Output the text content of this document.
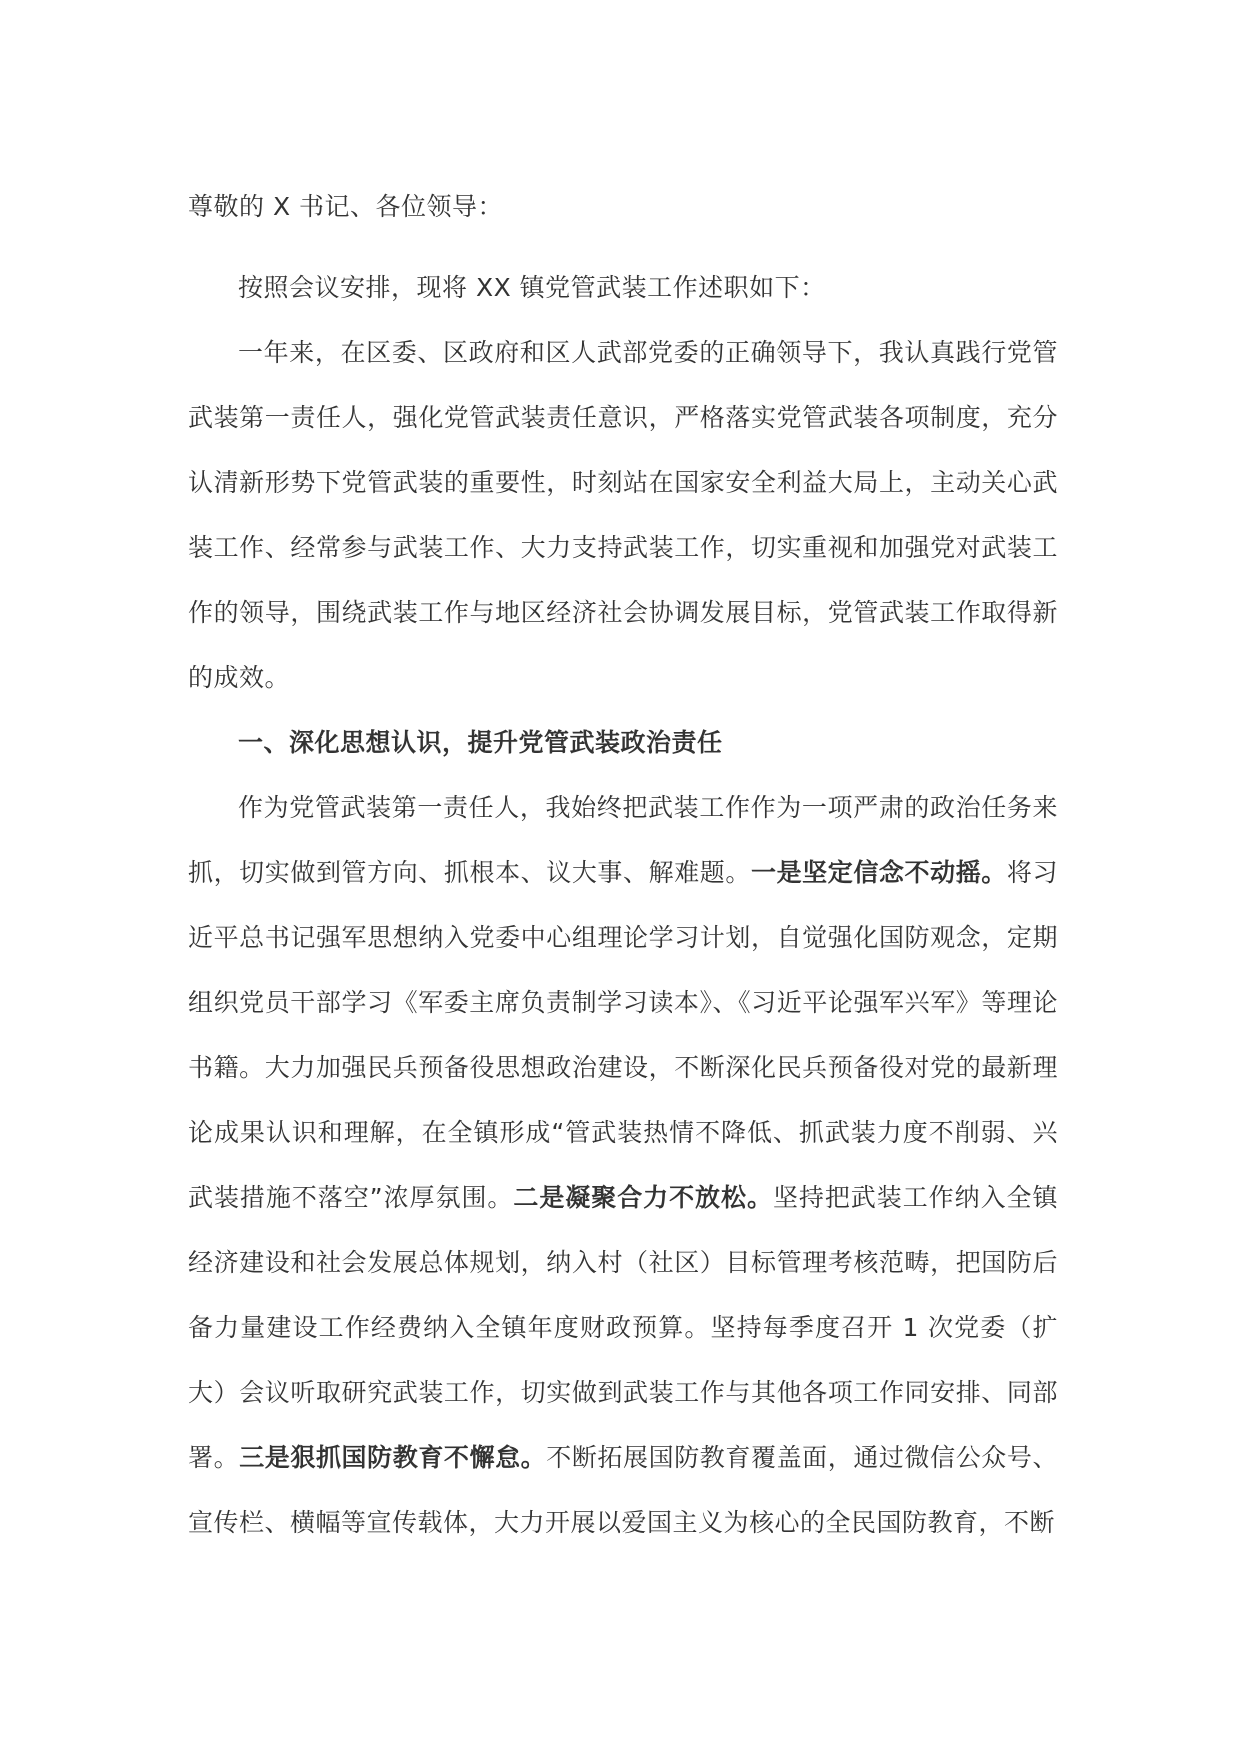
尊敬的 X 书记、各位领导：

按照会议安排，现将 XX 镇党管武装工作述职如下：

一年来，在区委、区政府和区人武部党委的正确领导下，我认真践行党管武装第一责任人，强化党管武装责任意识，严格落实党管武装各项制度，充分认清新形势下党管武装的重要性，时刻站在国家安全利益大局上，主动关心武装工作、经常参与武装工作、大力支持武装工作，切实重视和加强党对武装工作的领导，围绕武装工作与地区经济社会协调发展目标，党管武装工作取得新的成效。

一、深化思想认识，提升党管武装政治责任

作为党管武装第一责任人，我始终把武装工作作为一项严肃的政治任务来抓，切实做到管方向、抓根本、议大事、解难题。一是坚定信念不动摇。将习近平总书记强军思想纳入党委中心组理论学习计划，自觉强化国防观念，定期组织党员干部学习《军委主席负责制学习读本》、《习近平论强军兴军》等理论书籍。大力加强民兵预备役思想政治建设，不断深化民兵预备役对党的最新理论成果认识和理解，在全镇形成“管武装热情不降低、抓武装力度不削弱、兴武装措施不落空”浓厚氛围。二是凝聚合力不放松。坚持把武装工作纳入全镇经济建设和社会发展总体规划，纳入村（社区）目标管理考核范畴，把国防后备力量建设工作经费纳入全镇年度财政预算。坚持每季度召开 1 次党委（扩大）会议听取研究武装工作，切实做到武装工作与其他各项工作同安排、同部署。三是狠抓国防教育不懈怠。不断拓展国防教育覆盖面，通过微信公众号、宣传栏、横幅等宣传载体，大力开展以爱国主义为核心的全民国防教育，不断
